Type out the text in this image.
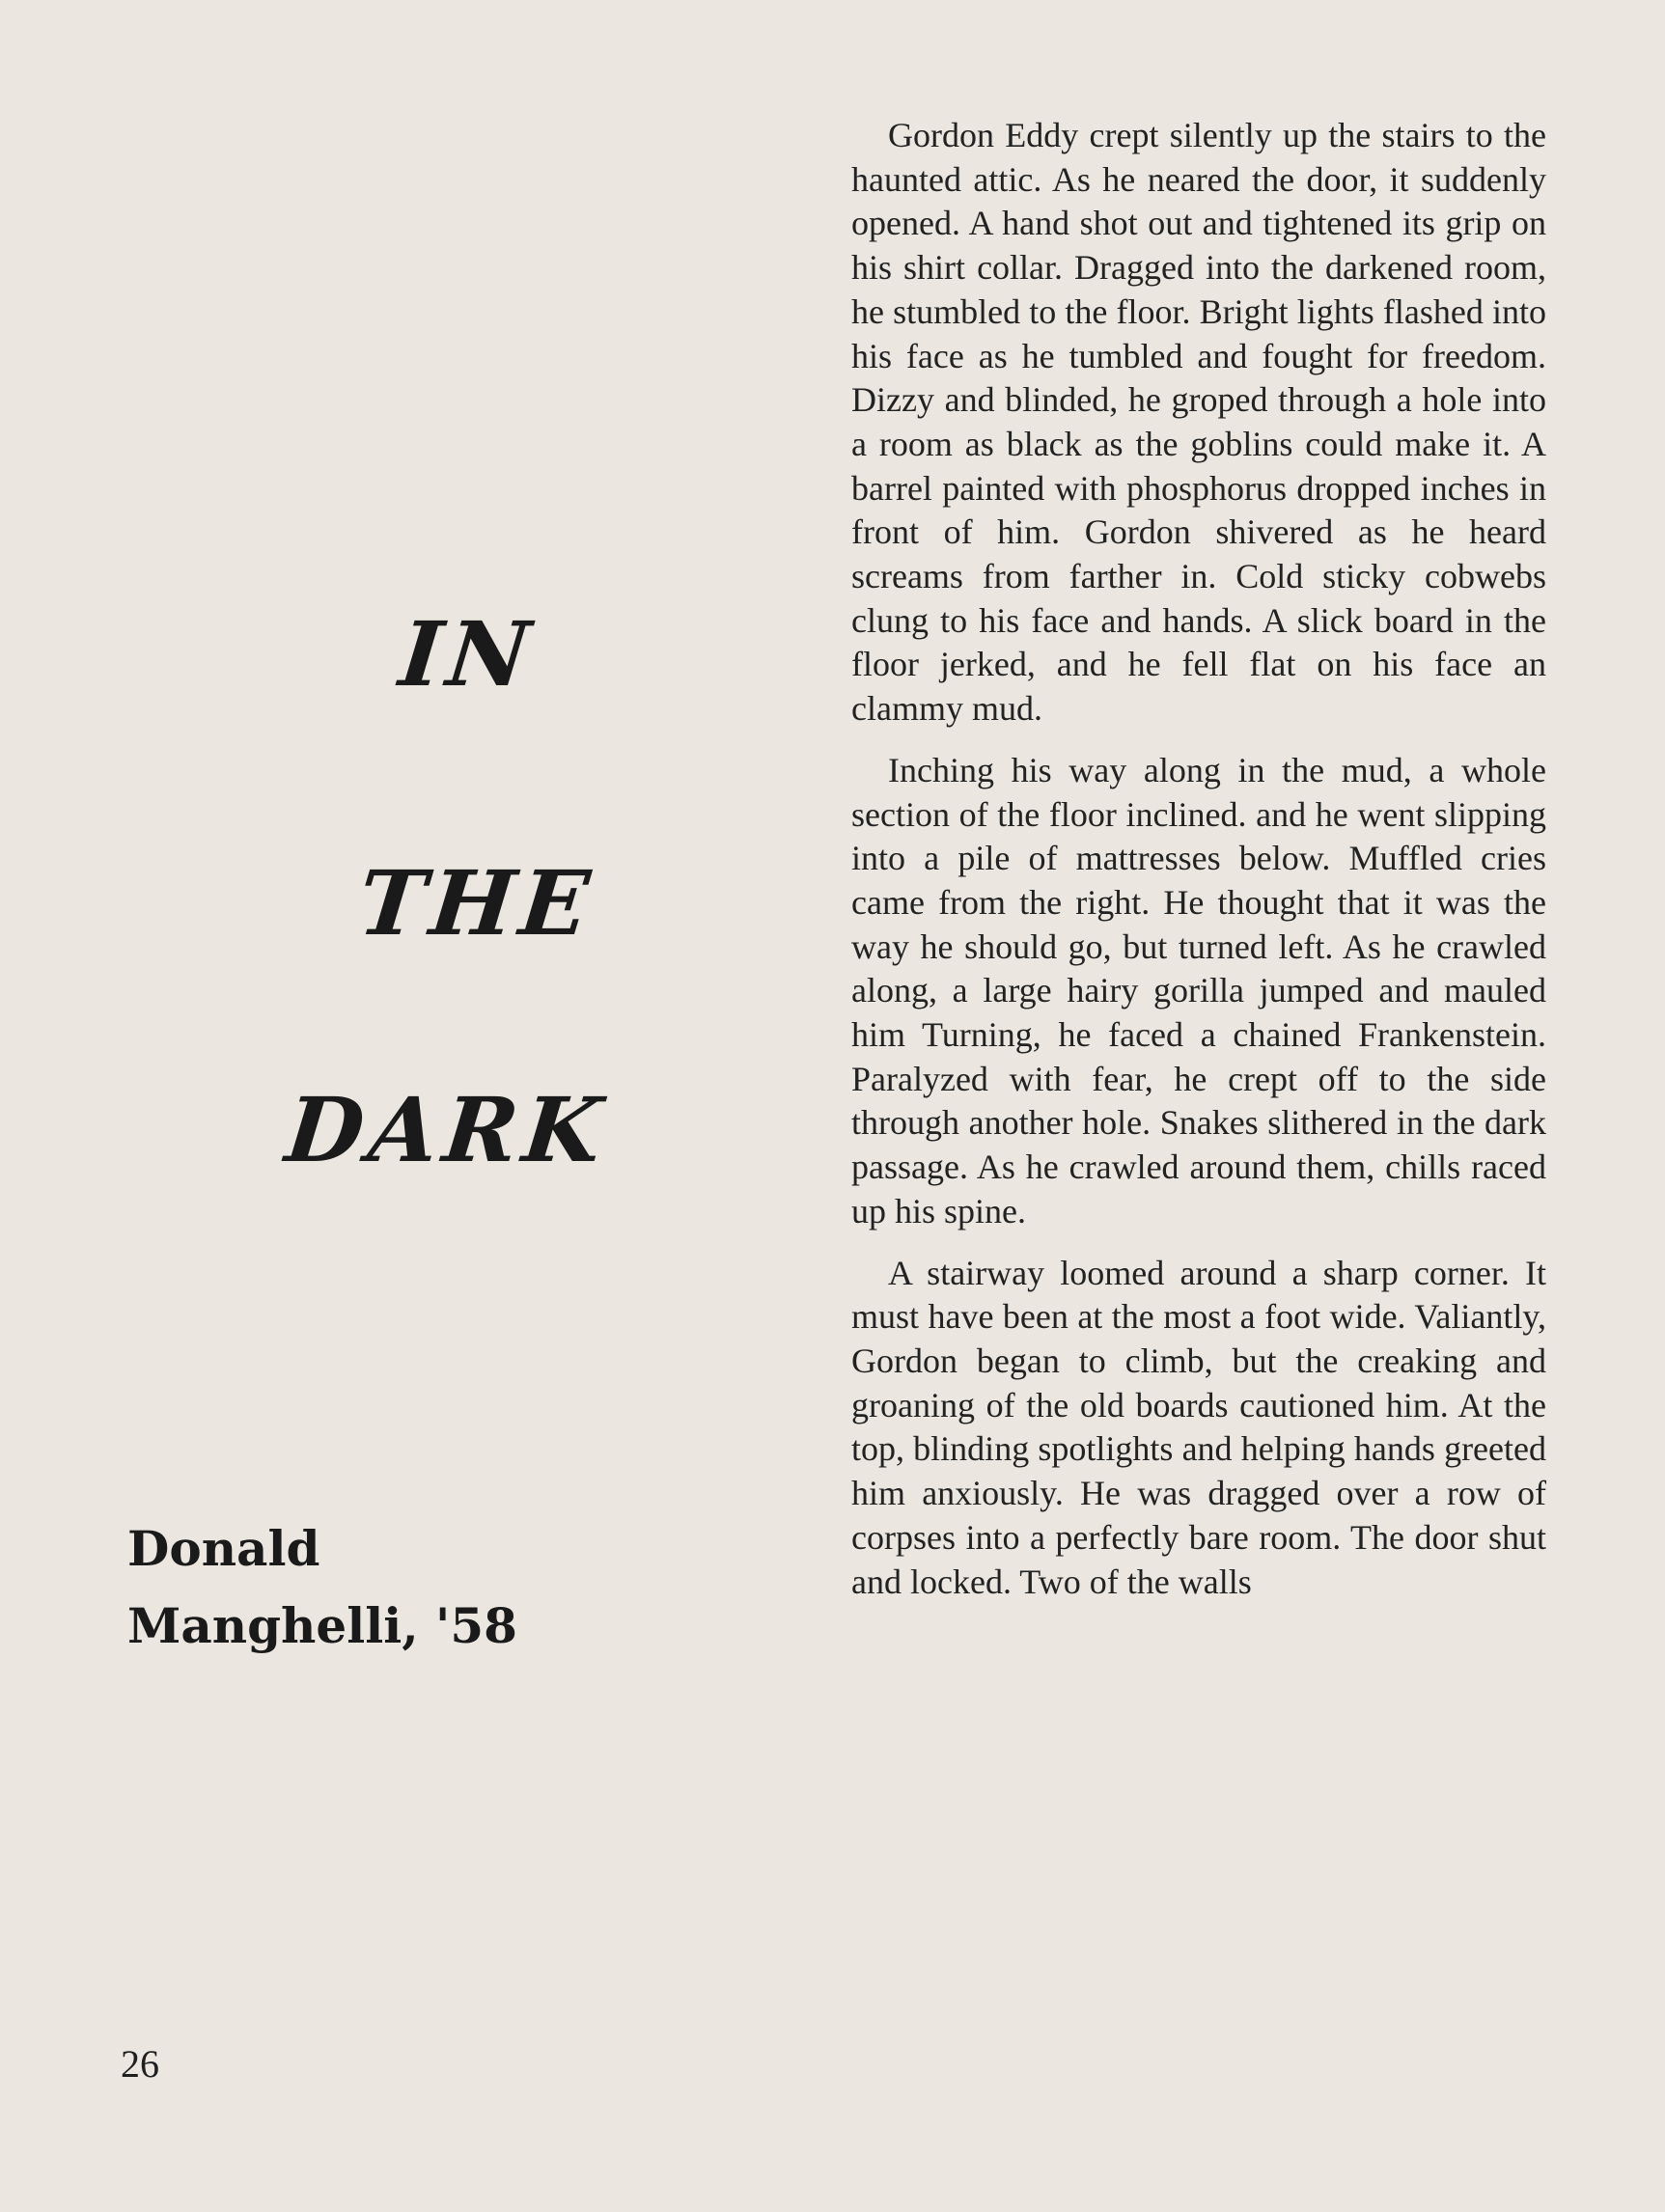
IN
THE
DARK
Donald
Manghelli, '58
26

Gordon Eddy crept silently up the stairs to the haunted attic. As he neared the door, it suddenly opened. A hand shot out and tightened its grip on his shirt collar. Dragged into the darkened room, he stumbled to the floor. Bright lights flashed into his face as he tumbled and fought for freedom. Dizzy and blinded, he groped through a hole into a room as black as the goblins could make it. A barrel painted with phosphorus dropped inches in front of him. Gordon shivered as he heard screams from farther in. Cold sticky cobwebs clung to his face and hands. A slick board in the floor jerked, and he fell flat on his face an clammy mud.

Inching his way along in the mud, a whole section of the floor inclined. and he went slipping into a pile of mattresses below. Muffled cries came from the right. He thought that it was the way he should go, but turned left. As he crawled along, a large hairy gorilla jumped and mauled him Turning, he faced a chained Frankenstein. Paralyzed with fear, he crept off to the side through another hole. Snakes slithered in the dark passage. As he crawled around them, chills raced up his spine.

A stairway loomed around a sharp corner. It must have been at the most a foot wide. Valiantly, Gordon began to climb, but the creaking and groaning of the old boards cautioned him. At the top, blinding spotlights and helping hands greeted him anxiously. He was dragged over a row of corpses into a perfectly bare room. The door shut and locked. Two of the walls
